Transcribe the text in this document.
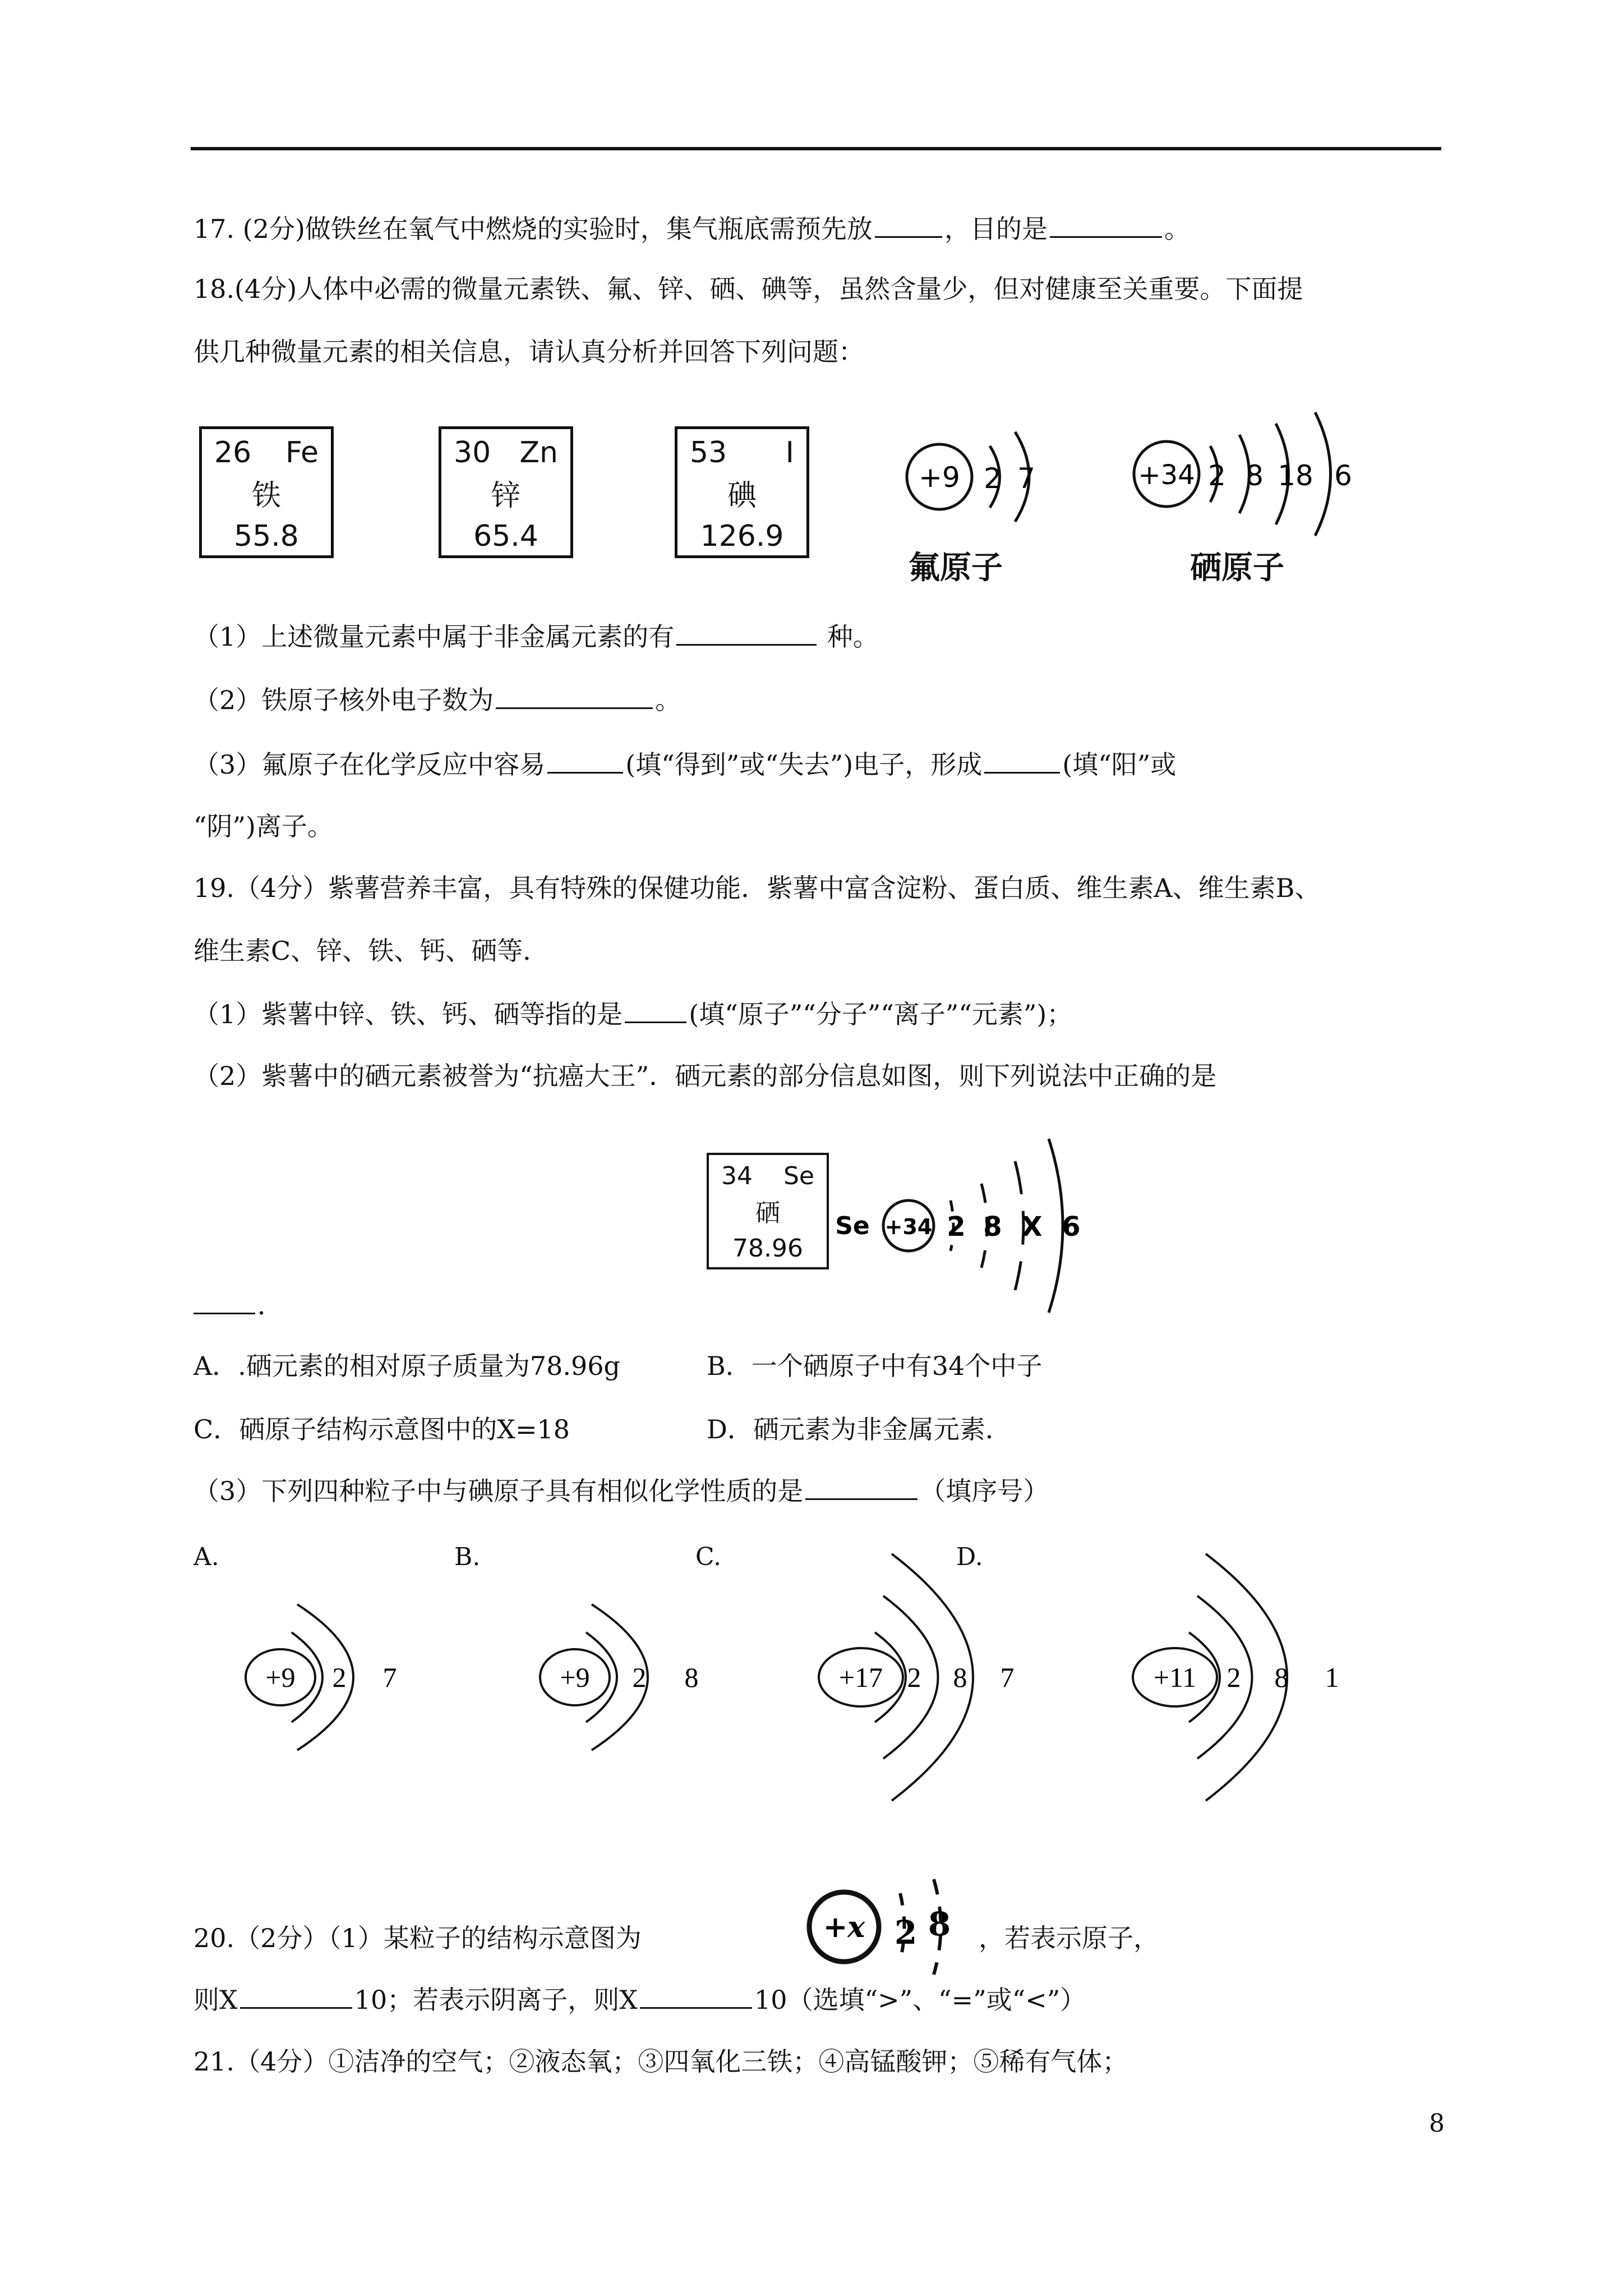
17. (2分)做铁丝在氧气中燃烧的实验时，集气瓶底需预先放	，目的是	。
18.(4分)人体中必需的微量元素铁、氟、锌、硒、碘等，虽然含量少，但对健康至关重要。下面提
供几种微量元素的相关信息，请认真分析并回答下列问题：
26 Fe
铁
55.8
30 Zn
锌
65.4
53 I
碘
126.9
+9 2 7
氟原子
+34 2 8 18 6
硒原子
（1）上述微量元素中属于非金属元素的有	种。
（2）铁原子核外电子数为	。
（3）氟原子在化学反应中容易	(填“得到”或“失去”)电子，形成	(填“阳”或
“阴”)离子。
19.（4分）紫薯营养丰富，具有特殊的保健功能．紫薯中富含淀粉、蛋白质、维生素A、维生素B、
维生素C、锌、铁、钙、硒等．
（1）紫薯中锌、铁、钙、硒等指的是	(填“原子”“分子”“离子”“元素”)；
（2）紫薯中的硒元素被誉为“抗癌大王”．硒元素的部分信息如图，则下列说法中正确的是
34 Se
硒
78.96
Se +34 2 8 X 6
．
A．.硒元素的相对原子质量为78.96g	B．一个硒原子中有34个中子
C．硒原子结构示意图中的X=18	D．硒元素为非金属元素．
（3）下列四种粒子中与碘原子具有相似化学性质的是	（填序号）
A.	B.	C.	D.
+9 2 7	+9 2 8	+17 2 8 7	+11 2 8 1
20.（2分）（1）某粒子的结构示意图为	+x 2 8 ，若表示原子，
则X	10；若表示阴离子，则X	10（选填“>”、“=”或“<”）
21.（4分）①洁净的空气；②液态氧；③四氧化三铁；④高锰酸钾；⑤稀有气体；
8
